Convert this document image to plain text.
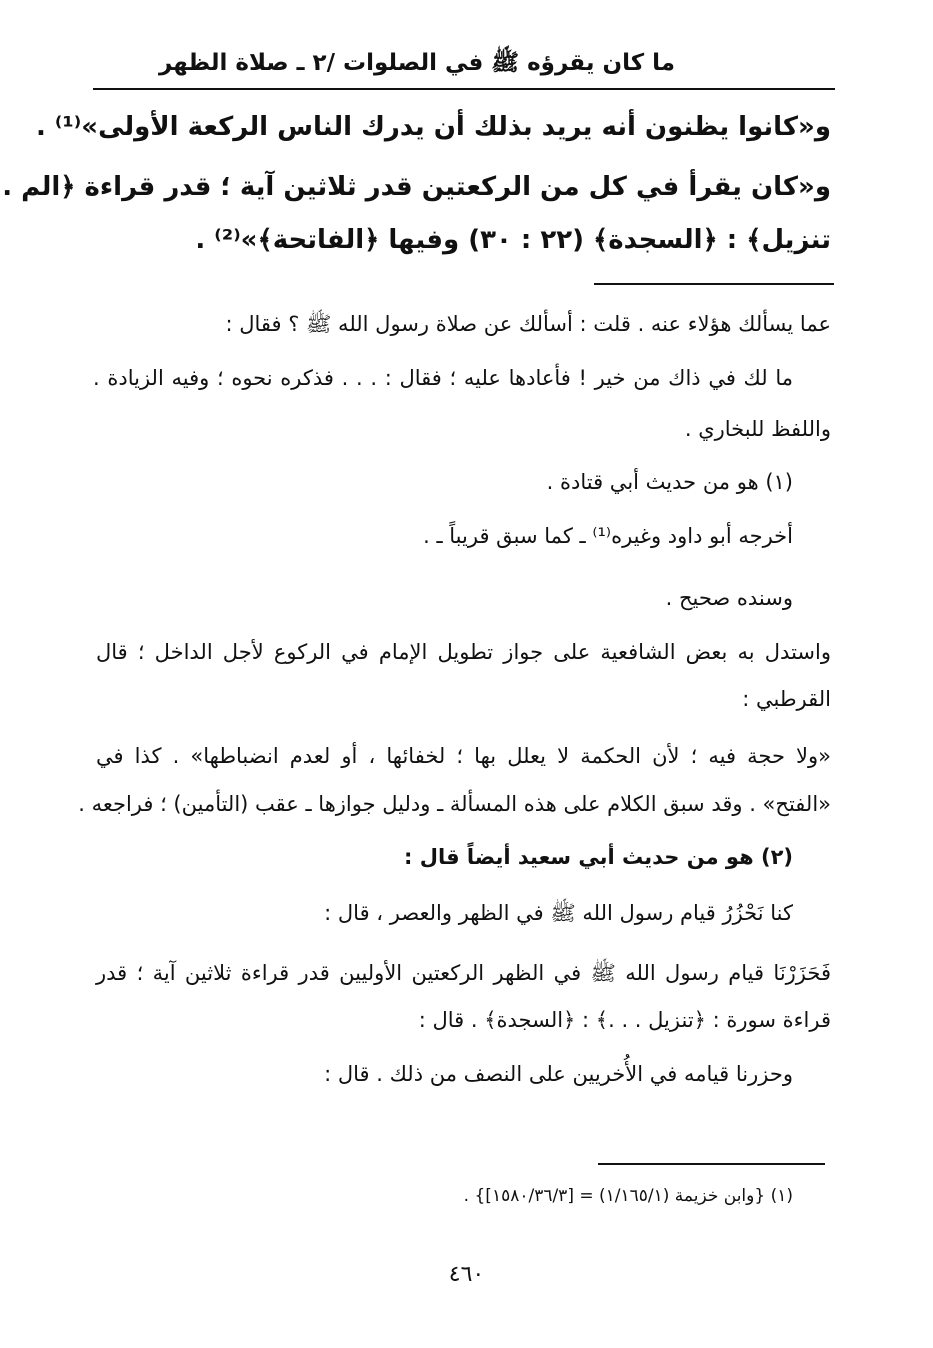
ما كان يقرؤه ﷺ في الصلوات /٢ ـ صلاة الظهر
و«كانوا يظنون أنه يريد بذلك أن يدرك الناس الركعة الأولى»⁽¹⁾ .
و«كان يقرأ في كل من الركعتين قدر ثلاثين آية ؛ قدر قراءة ﴿الم .
تنزيل﴾ : ﴿السجدة﴾ (٢٢ : ٣٠) وفيها ﴿الفاتحة﴾»⁽²⁾ .
عما يسألك هؤلاء عنه . قلت : أسألك عن صلاة رسول الله ﷺ ؟ فقال :
ما لك في ذاك من خير ! فأعادها عليه ؛ فقال : . . . فذكره نحوه ؛ وفيه الزيادة .
واللفظ للبخاري .
(١) هو من حديث أبي قتادة .
أخرجه أبو داود وغيره⁽¹⁾ ـ كما سبق قريباً ـ .
وسنده صحيح .
واستدل به بعض الشافعية على جواز تطويل الإمام في الركوع لأجل الداخل ؛ قال
القرطبي :
«ولا حجة فيه ؛ لأن الحكمة لا يعلل بها ؛ لخفائها ، أو لعدم انضباطها» . كذا في
«الفتح» . وقد سبق الكلام على هذه المسألة ـ ودليل جوازها ـ عقب (التأمين) ؛ فراجعه .
(٢) هو من حديث أبي سعيد أيضاً قال :
كنا نَحْزُرُ قيام رسول الله ﷺ في الظهر والعصر ، قال :
فَحَزَرْنَا قيام رسول الله ﷺ في الظهر الركعتين الأوليين قدر قراءة ثلاثين آية ؛ قدر
قراءة سورة : ﴿تنزيل . . .﴾ : ﴿السجدة﴾ . قال :
وحزرنا قيامه في الأُخريين على النصف من ذلك . قال :
(١) {وابن خزيمة (١/١٦٥/١) = [١٥٨٠/٣٦/٣]} .
٤٦٠
